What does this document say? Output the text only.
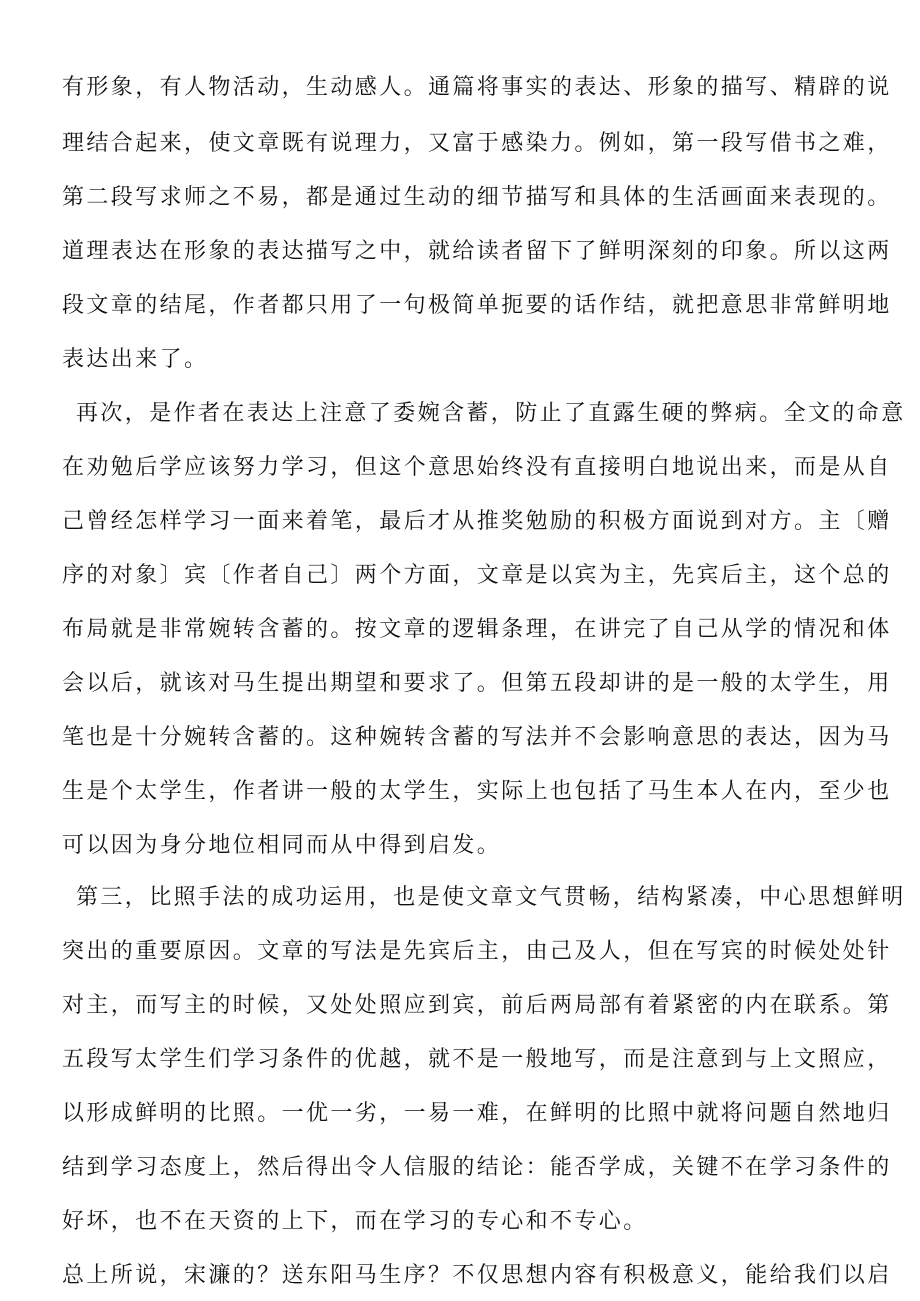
有形象，有人物活动，生动感人。通篇将事实的表达、形象的描写、精辟的说
理结合起来，使文章既有说理力，又富于感染力。例如，第一段写借书之难，
第二段写求师之不易，都是通过生动的细节描写和具体的生活画面来表现的。
道理表达在形象的表达描写之中，就给读者留下了鲜明深刻的印象。所以这两
段文章的结尾，作者都只用了一句极简单扼要的话作结，就把意思非常鲜明地
表达出来了。
再次，是作者在表达上注意了委婉含蓄，防止了直露生硬的弊病。全文的命意
在劝勉后学应该努力学习，但这个意思始终没有直接明白地说出来，而是从自
己曾经怎样学习一面来着笔，最后才从推奖勉励的积极方面说到对方。主〔赠
序的对象〕宾〔作者自己〕两个方面，文章是以宾为主，先宾后主，这个总的
布局就是非常婉转含蓄的。按文章的逻辑条理，在讲完了自己从学的情况和体
会以后，就该对马生提出期望和要求了。但第五段却讲的是一般的太学生，用
笔也是十分婉转含蓄的。这种婉转含蓄的写法并不会影响意思的表达，因为马
生是个太学生，作者讲一般的太学生，实际上也包括了马生本人在内，至少也
可以因为身分地位相同而从中得到启发。
第三，比照手法的成功运用，也是使文章文气贯畅，结构紧凑，中心思想鲜明
突出的重要原因。文章的写法是先宾后主，由己及人，但在写宾的时候处处针
对主，而写主的时候，又处处照应到宾，前后两局部有着紧密的内在联系。第
五段写太学生们学习条件的优越，就不是一般地写，而是注意到与上文照应，
以形成鲜明的比照。一优一劣，一易一难，在鲜明的比照中就将问题自然地归
结到学习态度上，然后得出令人信服的结论：能否学成，关键不在学习条件的
好坏，也不在天资的上下，而在学习的专心和不专心。
总上所说，宋濂的？送东阳马生序？不仅思想内容有积极意义，能给我们以启
